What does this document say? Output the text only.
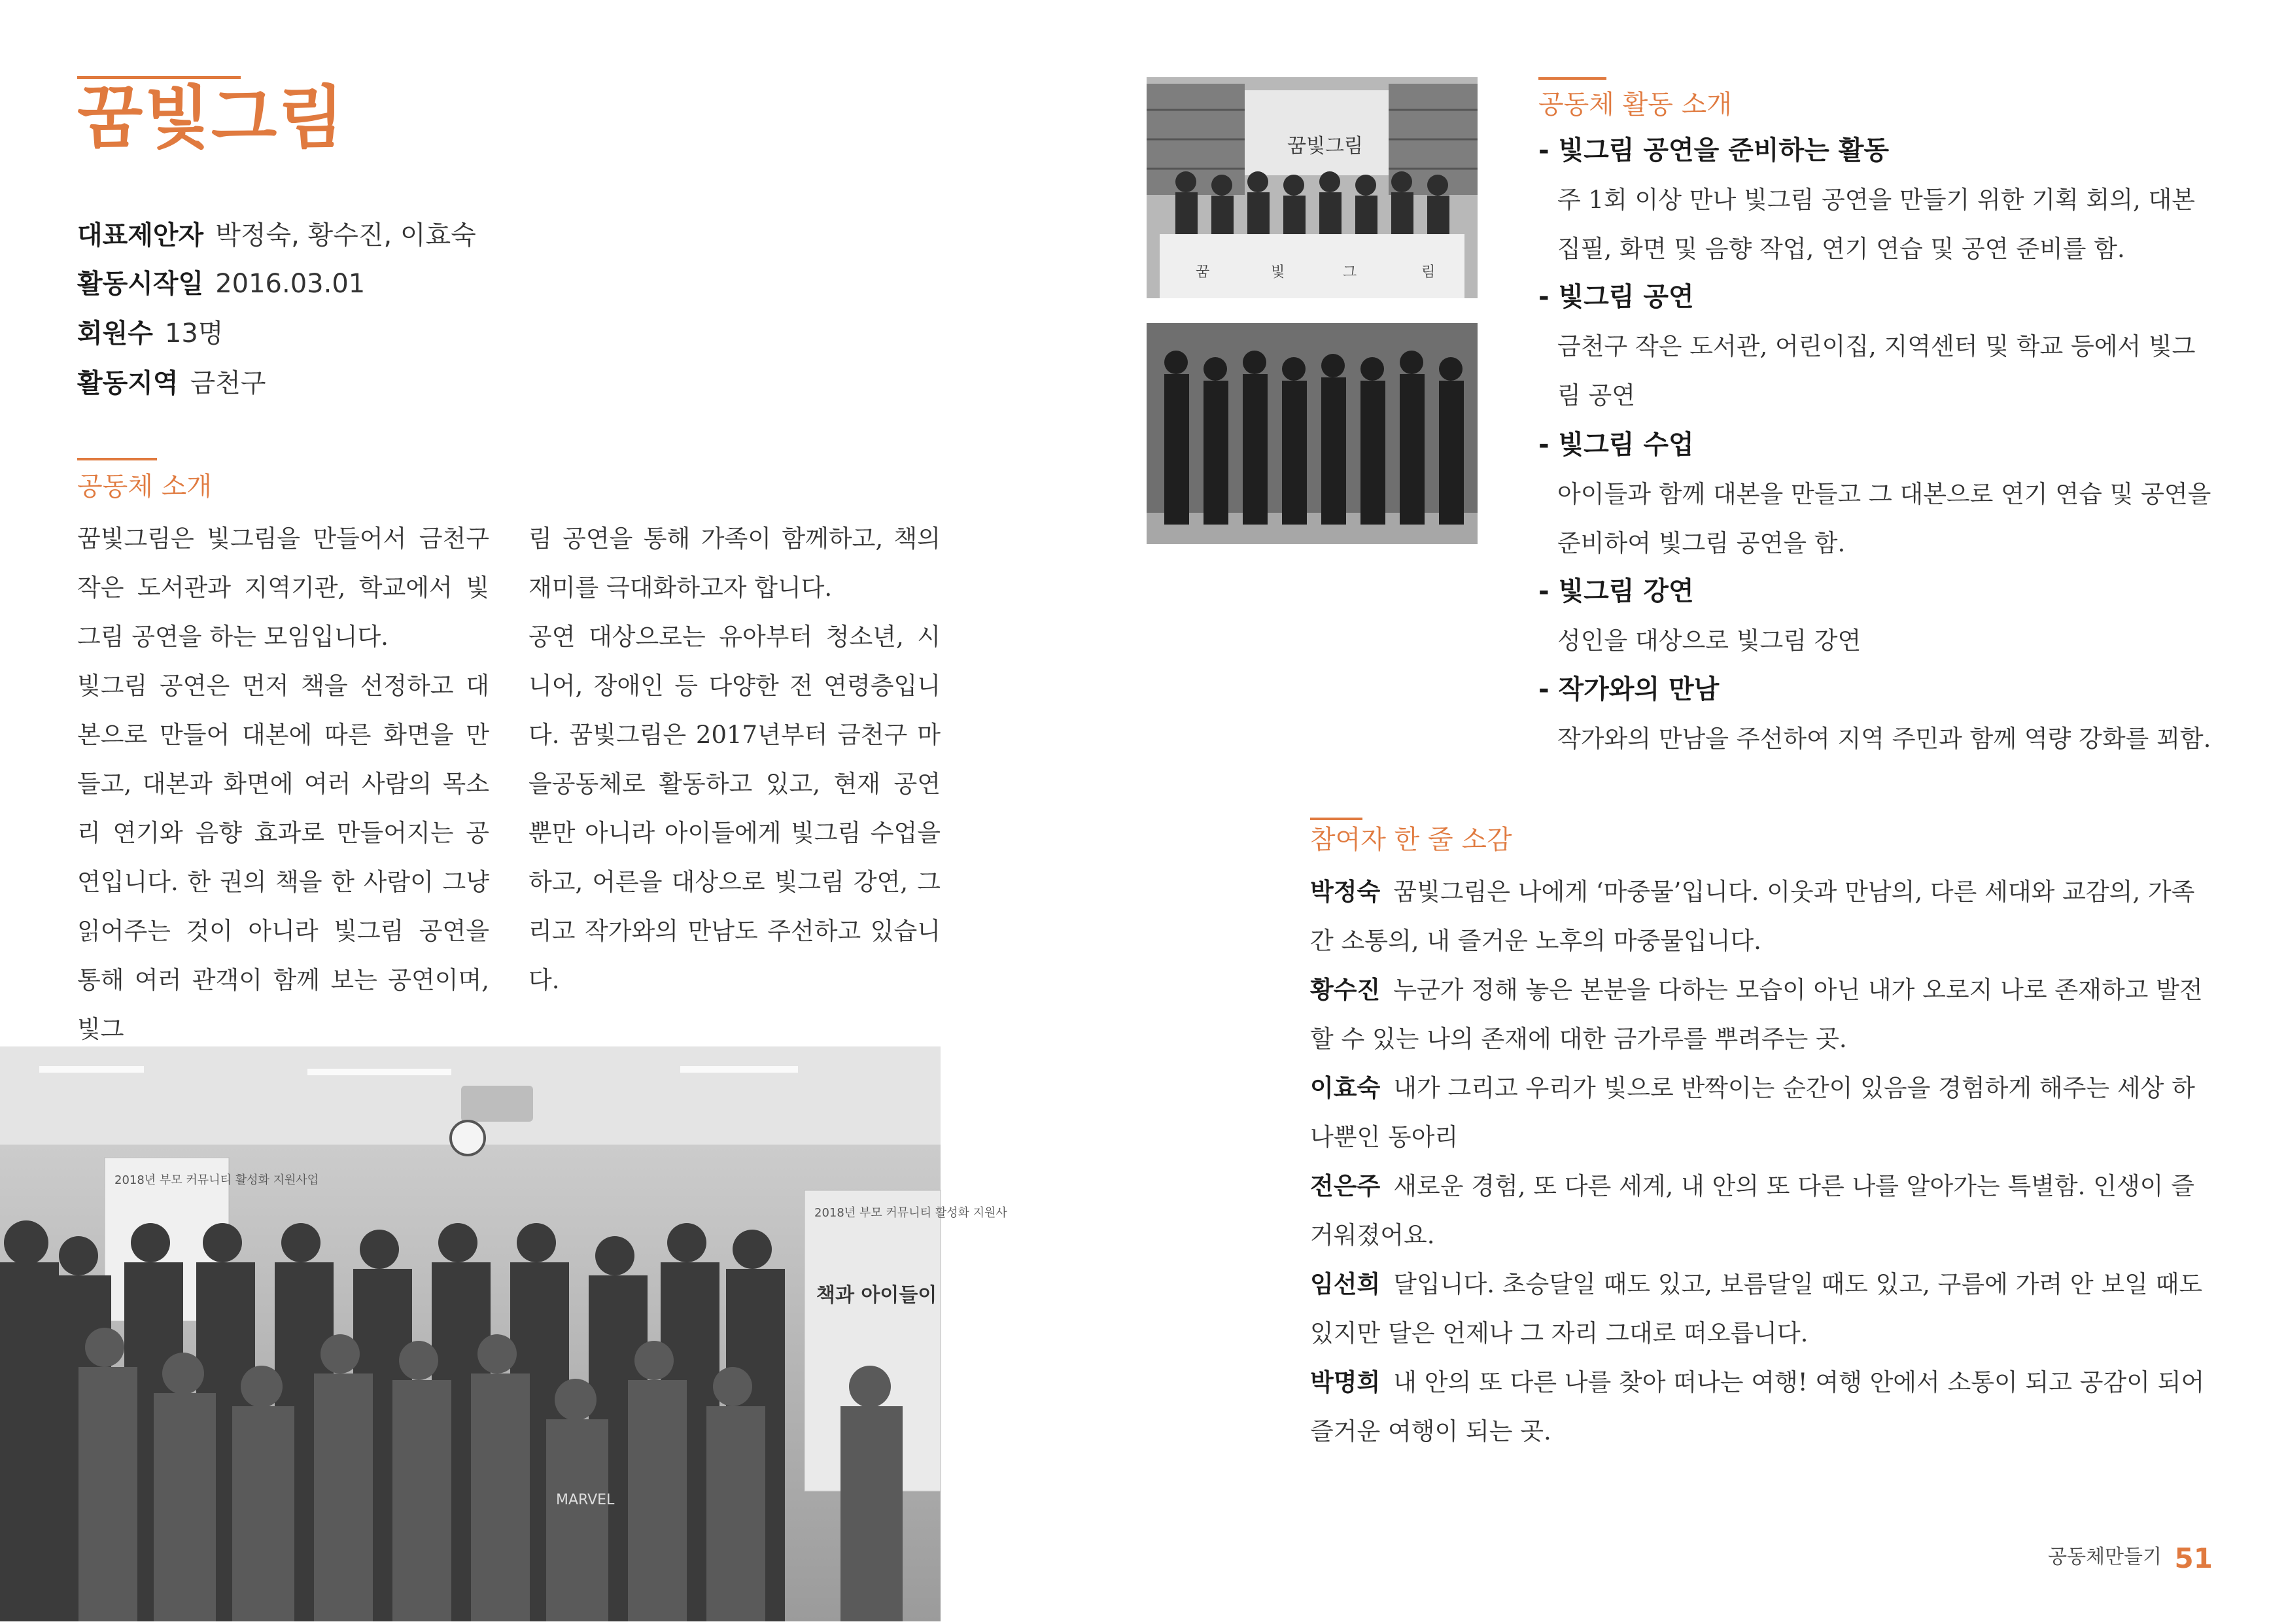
꿈빛그림
대표제안자 박정숙, 황수진, 이효숙
활동시작일 2016.03.01
회원수 13명
활동지역 금천구
공동체 소개

꿈빛그림은 빛그림을 만들어서 금천구 작은 도서관과 지역기관, 학교에서 빛그림 공연을 하는 모임입니다.

빛그림 공연은 먼저 책을 선정하고 대본으로 만들어 대본에 따른 화면을 만들고, 대본과 화면에 여러 사람의 목소리 연기와 음향 효과로 만들어지는 공연입니다. 한 권의 책을 한 사람이 그냥 읽어주는 것이 아니라 빛그림 공연을 통해 여러 관객이 함께 보는 공연이며, 빛그

림 공연을 통해 가족이 함께하고, 책의 재미를 극대화하고자 합니다.

공연 대상으로는 유아부터 청소년, 시니어, 장애인 등 다양한 전 연령층입니다. 꿈빛그림은 2017년부터 금천구 마을공동체로 활동하고 있고, 현재 공연뿐만 아니라 아이들에게 빛그림 수업을 하고, 어른을 대상으로 빛그림 강연, 그리고 작가와의 만남도 주선하고 있습니다.

2018년 부모 커뮤니티 활성화 지원사업
2018년 부모 커뮤니티 활성화 지원사
책과 아이들이
MARVEL
꿈빛그림
꿈	빛	그	림
공동체 활동 소개
- 빛그림 공연을 준비하는 활동

주 1회 이상 만나 빛그림 공연을 만들기 위한 기획 회의, 대본 집필, 화면 및 음향 작업, 연기 연습 및 공연 준비를 함.

- 빛그림 공연

금천구 작은 도서관, 어린이집, 지역센터 및 학교 등에서 빛그림 공연

- 빛그림 수업

아이들과 함께 대본을 만들고 그 대본으로 연기 연습 및 공연을 준비하여 빛그림 공연을 함.

- 빛그림 강연

성인을 대상으로 빛그림 강연

- 작가와의 만남

작가와의 만남을 주선하여 지역 주민과 함께 역량 강화를 꾀함.

참여자 한 줄 소감
박정숙 꿈빛그림은 나에게 ‘마중물’입니다. 이웃과 만남의, 다른 세대와 교감의, 가족 간 소통의, 내 즐거운 노후의 마중물입니다.
황수진 누군가 정해 놓은 본분을 다하는 모습이 아닌 내가 오로지 나로 존재하고 발전할 수 있는 나의 존재에 대한 금가루를 뿌려주는 곳.
이효숙 내가 그리고 우리가 빛으로 반짝이는 순간이 있음을 경험하게 해주는 세상 하나뿐인 동아리
전은주 새로운 경험, 또 다른 세계, 내 안의 또 다른 나를 알아가는 특별함. 인생이 즐거워졌어요.
임선희 달입니다. 초승달일 때도 있고, 보름달일 때도 있고, 구름에 가려 안 보일 때도 있지만 달은 언제나 그 자리 그대로 떠오릅니다.
박명희 내 안의 또 다른 나를 찾아 떠나는 여행! 여행 안에서 소통이 되고 공감이 되어 즐거운 여행이 되는 곳.
공동체만들기 51
